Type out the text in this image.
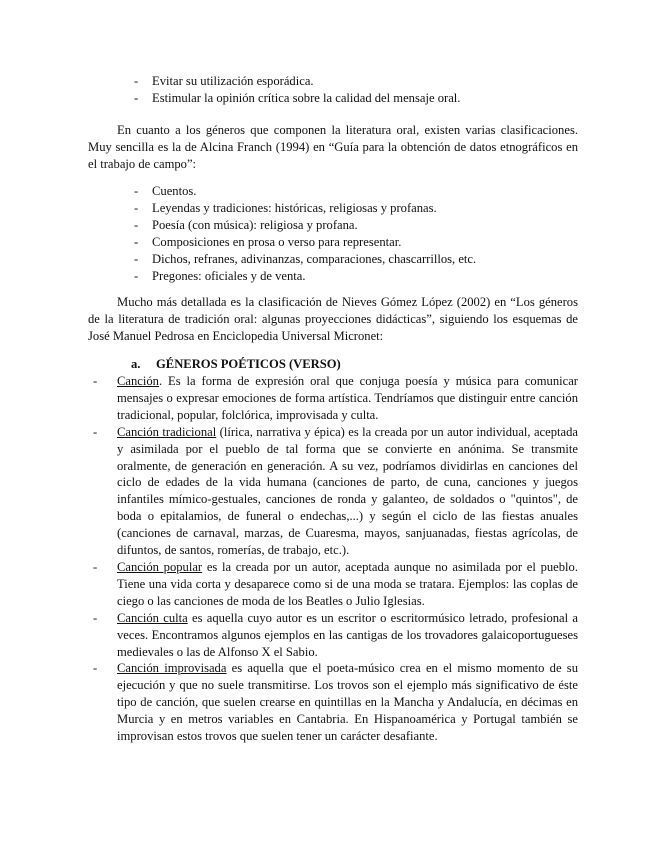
- Evitar su utilización esporádica.
- Estimular la opinión crítica sobre la calidad del mensaje oral.

En cuanto a los géneros que componen la literatura oral, existen varias clasificaciones. Muy sencilla es la de Alcina Franch (1994) en “Guía para la obtención de datos etnográficos en el trabajo de campo”:

- Cuentos.
- Leyendas y tradiciones: históricas, religiosas y profanas.
- Poesía (con música): religiosa y profana.
- Composiciones en prosa o verso para representar.
- Dichos, refranes, adivinanzas, comparaciones, chascarrillos, etc.
- Pregones: oficiales y de venta.

Mucho más detallada es la clasificación de Nieves Gómez López (2002) en “Los géneros de la literatura de tradición oral: algunas proyecciones didácticas”, siguiendo los esquemas de José Manuel Pedrosa en Enciclopedia Universal Micronet:

a. GÉNEROS POÉTICOS (VERSO)
- Canción. Es la forma de expresión oral que conjuga poesía y música para comunicar mensajes o expresar emociones de forma artística. Tendríamos que distinguir entre canción tradicional, popular, folclórica, improvisada y culta.
- Canción tradicional (lírica, narrativa y épica) es la creada por un autor individual, aceptada y asimilada por el pueblo de tal forma que se convierte en anónima. Se transmite oralmente, de generación en generación. A su vez, podríamos dividirlas en canciones del ciclo de edades de la vida humana (canciones de parto, de cuna, canciones y juegos infantiles mímico-gestuales, canciones de ronda y galanteo, de soldados o "quintos", de boda o epitalamios, de funeral o endechas,...) y según el ciclo de las fiestas anuales (canciones de carnaval, marzas, de Cuaresma, mayos, sanjuanadas, fiestas agrícolas, de difuntos, de santos, romerías, de trabajo, etc.).
- Canción popular es la creada por un autor, aceptada aunque no asimilada por el pueblo. Tiene una vida corta y desaparece como si de una moda se tratara. Ejemplos: las coplas de ciego o las canciones de moda de los Beatles o Julio Iglesias.
- Canción culta es aquella cuyo autor es un escritor o escritormúsico letrado, profesional a veces. Encontramos algunos ejemplos en las cantigas de los trovadores galaicoportugueses medievales o las de Alfonso X el Sabio.
- Canción improvisada es aquella que el poeta-músico crea en el mismo momento de su ejecución y que no suele transmitirse. Los trovos son el ejemplo más significativo de éste tipo de canción, que suelen crearse en quintillas en la Mancha y Andalucía, en décimas en Murcia y en metros variables en Cantabria. En Hispanoamérica y Portugal también se improvisan estos trovos que suelen tener un carácter desafiante.
